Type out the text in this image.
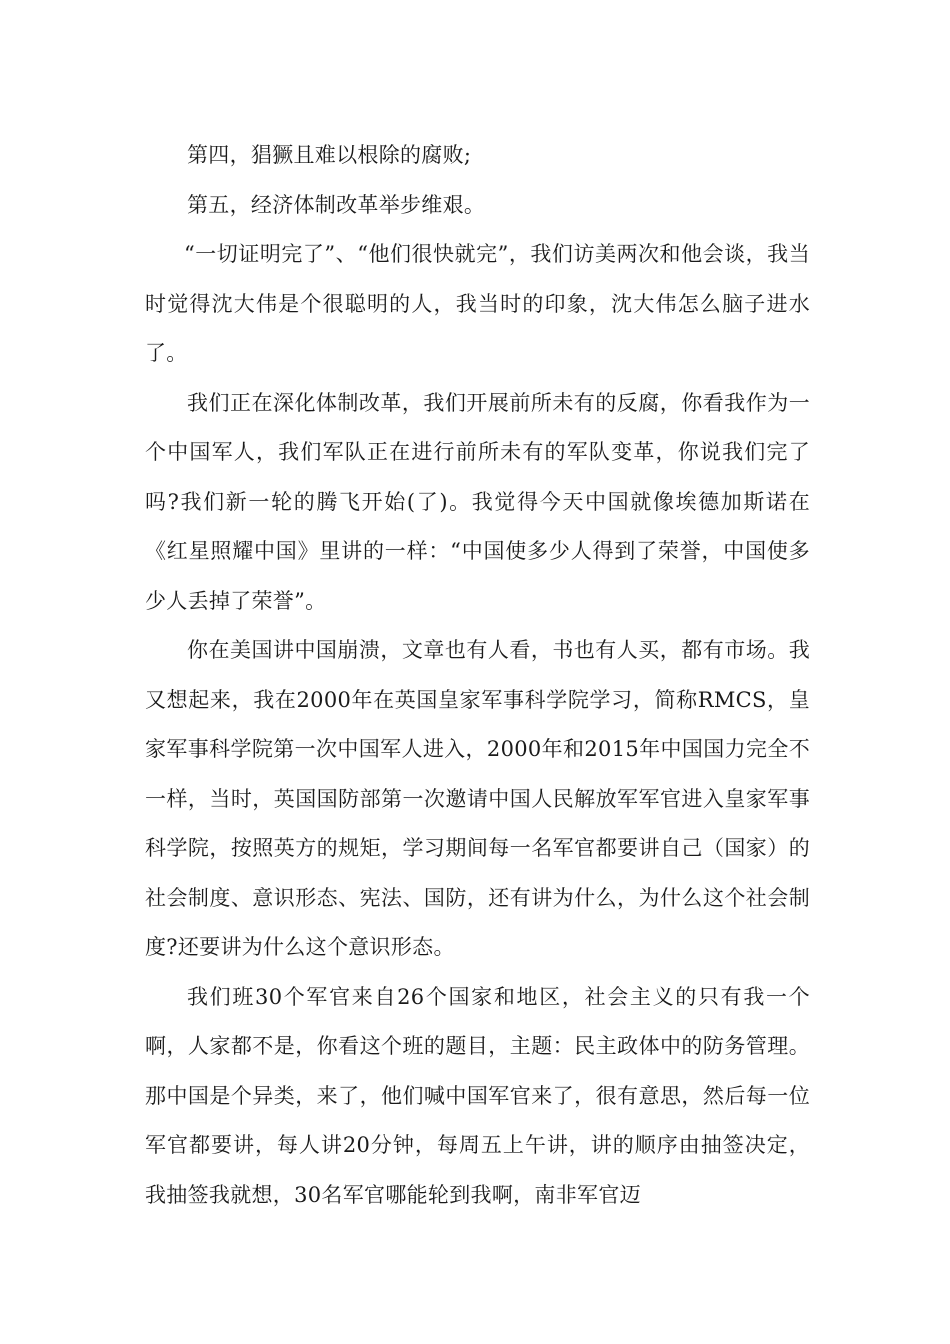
第四，猖獗且难以根除的腐败;

第五，经济体制改革举步维艰。

“一切证明完了”、“他们很快就完”，我们访美两次和他会谈，我当时觉得沈大伟是个很聪明的人，我当时的印象，沈大伟怎么脑子进水了。

我们正在深化体制改革，我们开展前所未有的反腐，你看我作为一个中国军人，我们军队正在进行前所未有的军队变革，你说我们完了吗?我们新一轮的腾飞开始(了)。我觉得今天中国就像埃德加斯诺在《红星照耀中国》里讲的一样：“中国使多少人得到了荣誉，中国使多少人丢掉了荣誉”。

你在美国讲中国崩溃，文章也有人看，书也有人买，都有市场。我又想起来，我在2000年在英国皇家军事科学院学习，简称RMCS，皇家军事科学院第一次中国军人进入，2000年和2015年中国国力完全不一样，当时，英国国防部第一次邀请中国人民解放军军官进入皇家军事科学院，按照英方的规矩，学习期间每一名军官都要讲自己（国家）的社会制度、意识形态、宪法、国防，还有讲为什么，为什么这个社会制度?还要讲为什么这个意识形态。

我们班30个军官来自26个国家和地区，社会主义的只有我一个啊，人家都不是，你看这个班的题目，主题：民主政体中的防务管理。那中国是个异类，来了，他们喊中国军官来了，很有意思，然后每一位军官都要讲，每人讲20分钟，每周五上午讲，讲的顺序由抽签决定，我抽签我就想，30名军官哪能轮到我啊，南非军官迈
